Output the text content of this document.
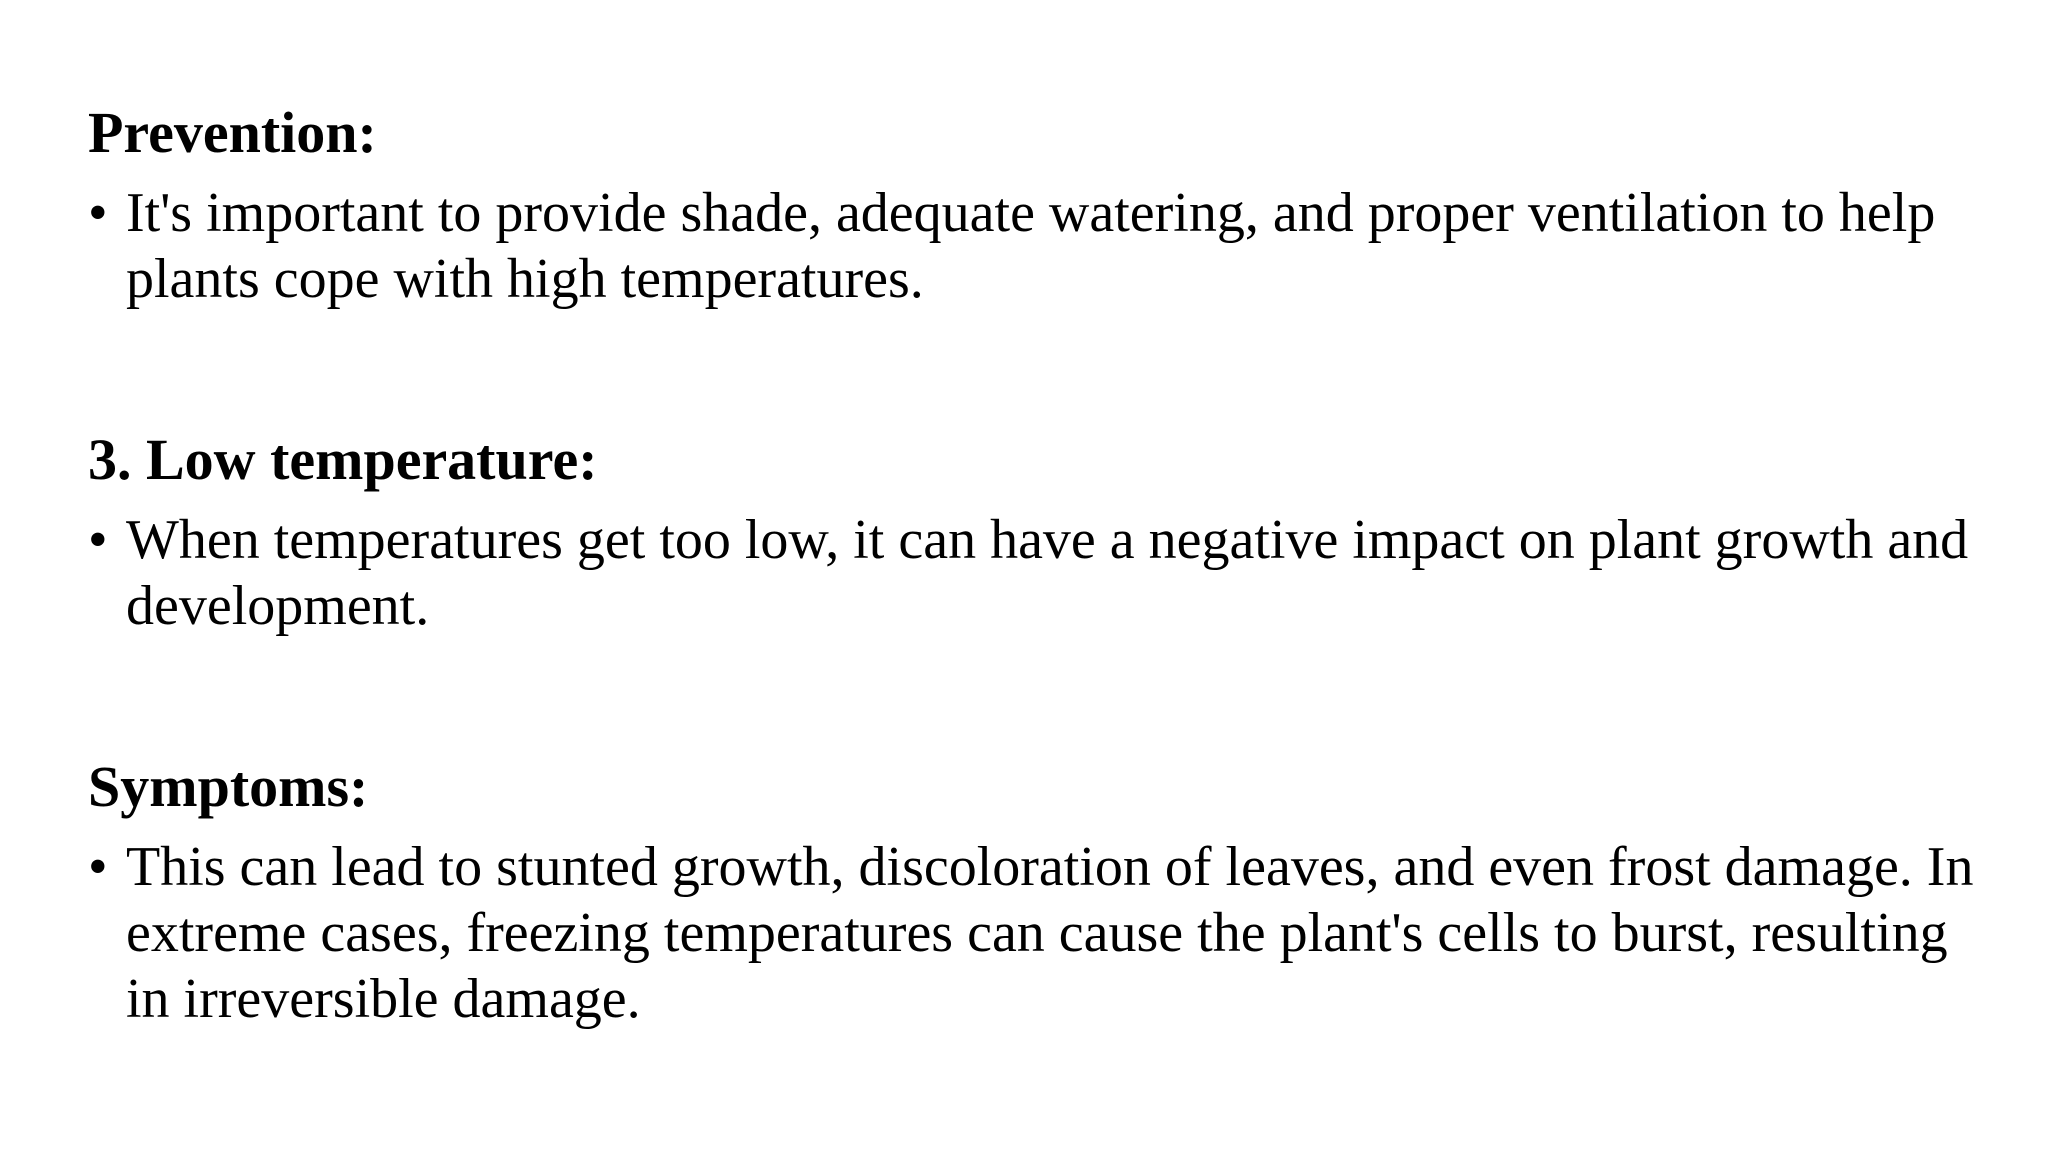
Prevention:
• It's important to provide shade, adequate watering, and proper ventilation to help plants cope with high temperatures.
3. Low temperature:
• When temperatures get too low, it can have a negative impact on plant growth and development.
Symptoms:
• This can lead to stunted growth, discoloration of leaves, and even frost damage. In extreme cases, freezing temperatures can cause the plant's cells to burst, resulting in irreversible damage.
